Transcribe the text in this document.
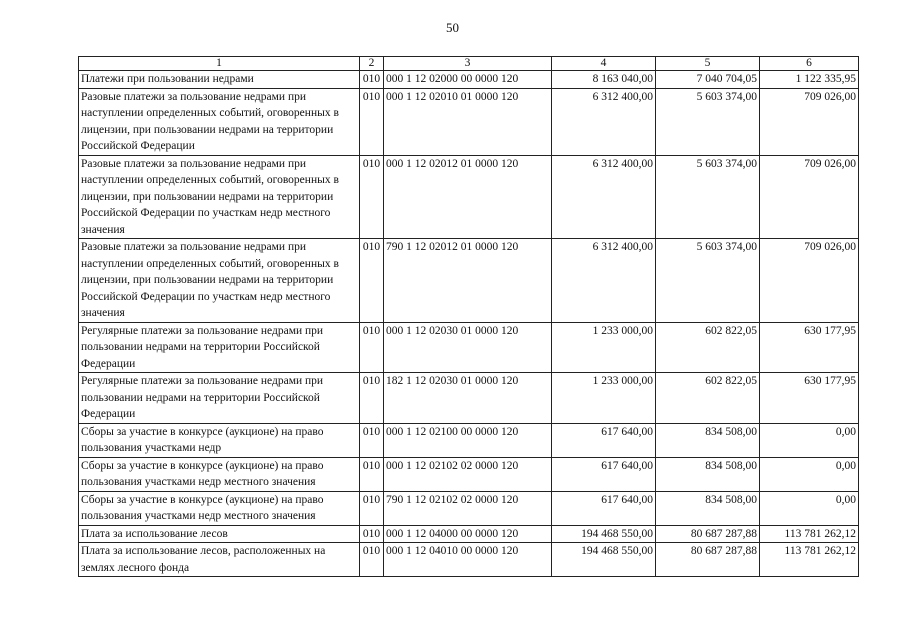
50
1	2	3	4	5	6
Платежи при пользовании недрами	010	000 1 12 02000 00 0000 120	8 163 040,00	7 040 704,05	1 122 335,95
Разовые платежи за пользование недрами при наступлении определенных событий, оговоренных в лицензии, при пользовании недрами на территории Российской Федерации	010	000 1 12 02010 01 0000 120	6 312 400,00	5 603 374,00	709 026,00
Разовые платежи за пользование недрами при наступлении определенных событий, оговоренных в лицензии, при пользовании недрами на территории Российской Федерации по участкам недр местного значения	010	000 1 12 02012 01 0000 120	6 312 400,00	5 603 374,00	709 026,00
Разовые платежи за пользование недрами при наступлении определенных событий, оговоренных в лицензии, при пользовании недрами на территории Российской Федерации по участкам недр местного значения	010	790 1 12 02012 01 0000 120	6 312 400,00	5 603 374,00	709 026,00
Регулярные платежи за пользование недрами при пользовании недрами на территории Российской Федерации	010	000 1 12 02030 01 0000 120	1 233 000,00	602 822,05	630 177,95
Регулярные платежи за пользование недрами при пользовании недрами на территории Российской Федерации	010	182 1 12 02030 01 0000 120	1 233 000,00	602 822,05	630 177,95
Сборы за участие в конкурсе (аукционе) на право пользования участками недр	010	000 1 12 02100 00 0000 120	617 640,00	834 508,00	0,00
Сборы за участие в конкурсе (аукционе) на право пользования участками недр местного значения	010	000 1 12 02102 02 0000 120	617 640,00	834 508,00	0,00
Сборы за участие в конкурсе (аукционе) на право пользования участками недр местного значения	010	790 1 12 02102 02 0000 120	617 640,00	834 508,00	0,00
Плата за использование лесов	010	000 1 12 04000 00 0000 120	194 468 550,00	80 687 287,88	113 781 262,12
Плата за использование лесов, расположенных на землях лесного фонда	010	000 1 12 04010 00 0000 120	194 468 550,00	80 687 287,88	113 781 262,12
